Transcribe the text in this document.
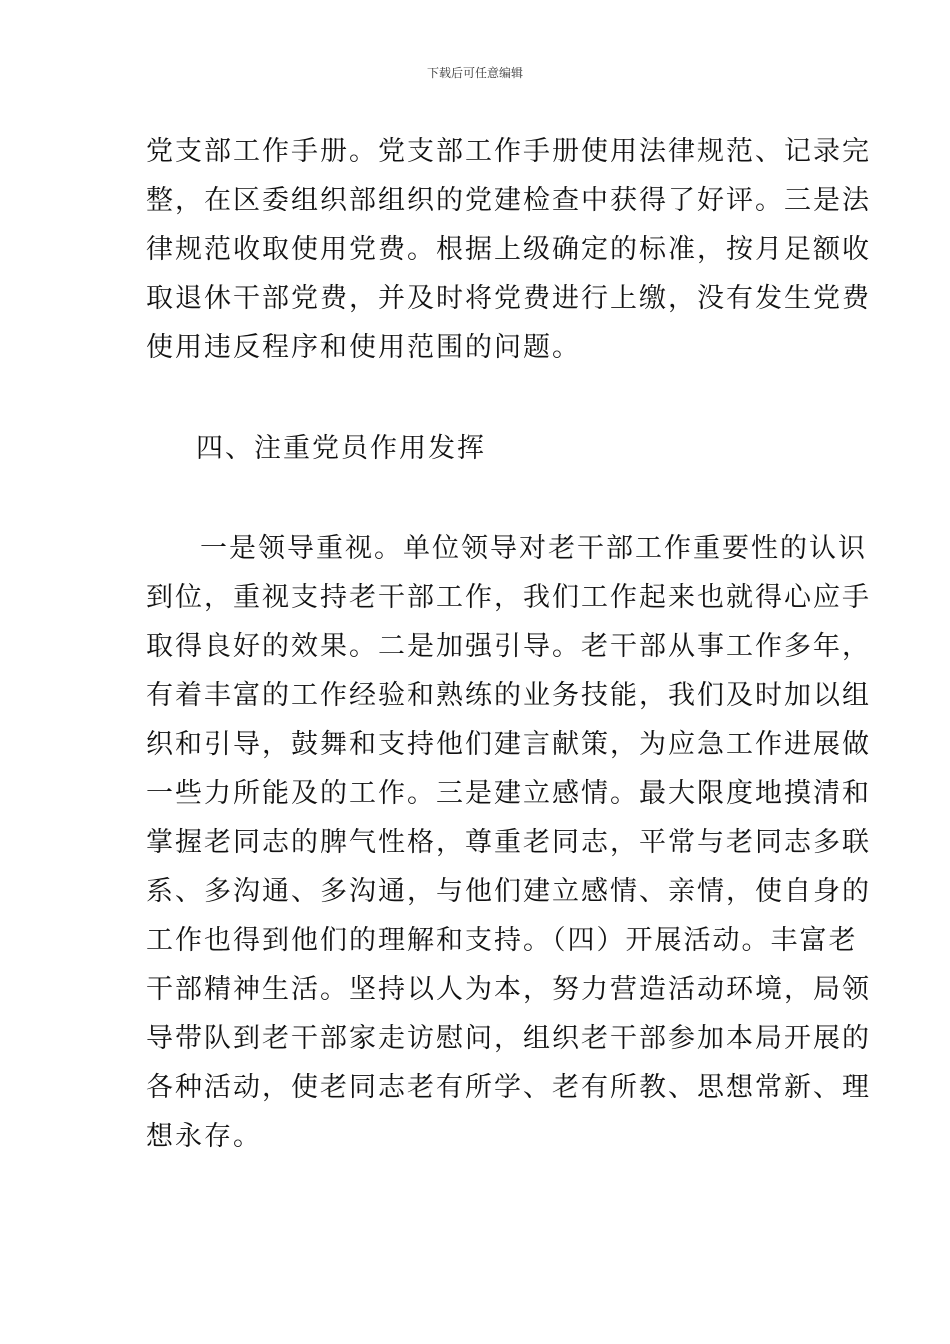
下载后可任意编辑

党支部工作手册。党支部工作手册使用法律规范、记录完
整，在区委组织部组织的党建检查中获得了好评。三是法
律规范收取使用党费。根据上级确定的标准，按月足额收
取退休干部党费，并及时将党费进行上缴，没有发生党费
使用违反程序和使用范围的问题。

四、注重党员作用发挥

一是领导重视。单位领导对老干部工作重要性的认识
到位，重视支持老干部工作，我们工作起来也就得心应手
取得良好的效果。二是加强引导。老干部从事工作多年，
有着丰富的工作经验和熟练的业务技能，我们及时加以组
织和引导，鼓舞和支持他们建言献策，为应急工作进展做
一些力所能及的工作。三是建立感情。最大限度地摸清和
掌握老同志的脾气性格，尊重老同志，平常与老同志多联
系、多沟通、多沟通，与他们建立感情、亲情，使自身的
工作也得到他们的理解和支持。（四）开展活动。丰富老
干部精神生活。坚持以人为本，努力营造活动环境，局领
导带队到老干部家走访慰问，组织老干部参加本局开展的
各种活动，使老同志老有所学、老有所教、思想常新、理
想永存。
